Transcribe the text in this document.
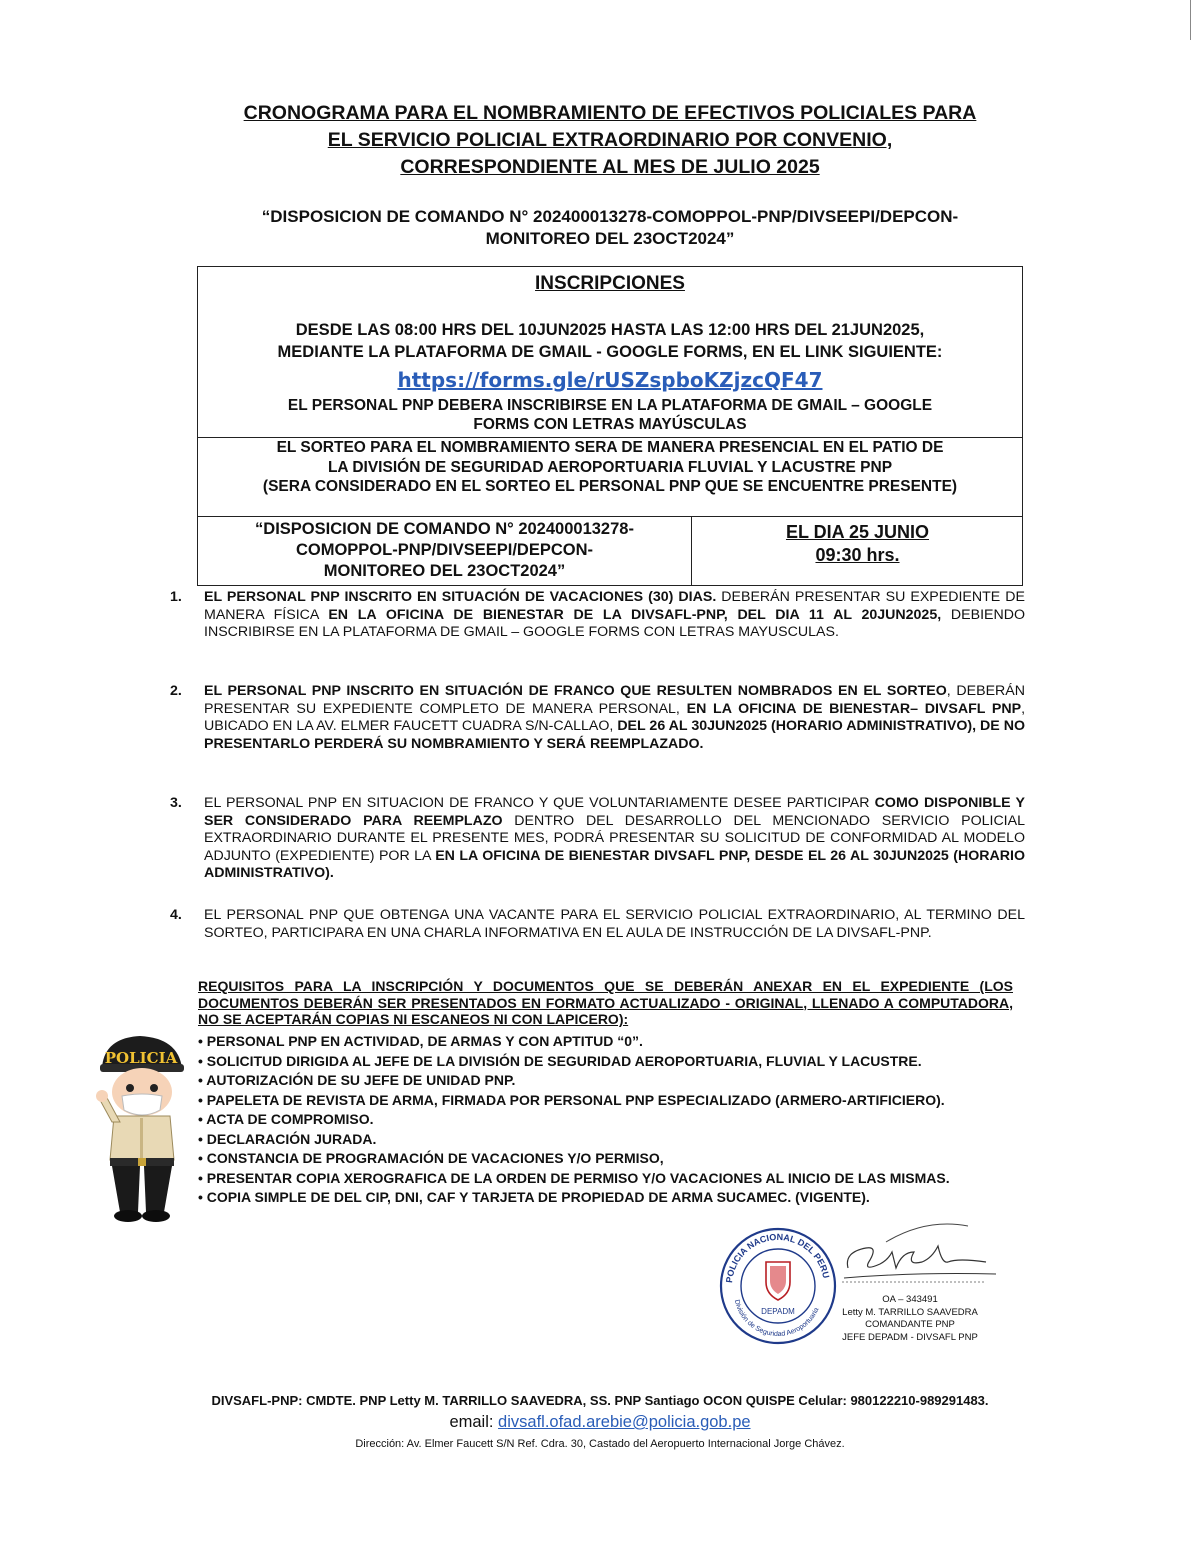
CRONOGRAMA PARA EL NOMBRAMIENTO DE EFECTIVOS POLICIALES PARA
EL SERVICIO POLICIAL EXTRAORDINARIO POR CONVENIO,
CORRESPONDIENTE AL MES DE JULIO 2025
“DISPOSICION DE COMANDO N° 202400013278-COMOPPOL-PNP/DIVSEEPI/DEPCON-
MONITOREO DEL 23OCT2024”
INSCRIPCIONES
DESDE LAS 08:00 HRS DEL 10JUN2025 HASTA LAS 12:00 HRS DEL 21JUN2025,
MEDIANTE LA PLATAFORMA DE GMAIL - GOOGLE FORMS, EN EL LINK SIGUIENTE:
https://forms.gle/rUSZspboKZjzcQF47
EL PERSONAL PNP DEBERA INSCRIBIRSE EN LA PLATAFORMA DE GMAIL – GOOGLE
FORMS CON LETRAS MAYÚSCULAS
EL SORTEO PARA EL NOMBRAMIENTO SERA DE MANERA PRESENCIAL EN EL PATIO DE
LA DIVISIÓN DE SEGURIDAD AEROPORTUARIA FLUVIAL Y LACUSTRE PNP
(SERA CONSIDERADO EN EL SORTEO EL PERSONAL PNP QUE SE ENCUENTRE PRESENTE)
“DISPOSICION DE COMANDO N° 202400013278-
COMOPPOL-PNP/DIVSEEPI/DEPCON-
MONITOREO DEL 23OCT2024”
EL DIA 25 JUNIO
09:30 hrs.
1. EL PERSONAL PNP INSCRITO EN SITUACIÓN DE VACACIONES (30) DIAS. DEBERÁN PRESENTAR SU EXPEDIENTE DE MANERA FÍSICA EN LA OFICINA DE BIENESTAR DE LA DIVSAFL-PNP, DEL DIA 11 AL 20JUN2025, DEBIENDO INSCRIBIRSE EN LA PLATAFORMA DE GMAIL – GOOGLE FORMS CON LETRAS MAYUSCULAS.
2. EL PERSONAL PNP INSCRITO EN SITUACIÓN DE FRANCO QUE RESULTEN NOMBRADOS EN EL SORTEO, DEBERÁN PRESENTAR SU EXPEDIENTE COMPLETO DE MANERA PERSONAL, EN LA OFICINA DE BIENESTAR– DIVSAFL PNP, UBICADO EN LA AV. ELMER FAUCETT CUADRA S/N-CALLAO, DEL 26 AL 30JUN2025 (HORARIO ADMINISTRATIVO), DE NO PRESENTARLO PERDERÁ SU NOMBRAMIENTO Y SERÁ REEMPLAZADO.
3. EL PERSONAL PNP EN SITUACION DE FRANCO Y QUE VOLUNTARIAMENTE DESEE PARTICIPAR COMO DISPONIBLE Y SER CONSIDERADO PARA REEMPLAZO DENTRO DEL DESARROLLO DEL MENCIONADO SERVICIO POLICIAL EXTRAORDINARIO DURANTE EL PRESENTE MES, PODRÁ PRESENTAR SU SOLICITUD DE CONFORMIDAD AL MODELO ADJUNTO (EXPEDIENTE) POR LA EN LA OFICINA DE BIENESTAR DIVSAFL PNP, DESDE EL 26 AL 30JUN2025 (HORARIO ADMINISTRATIVO).
4. EL PERSONAL PNP QUE OBTENGA UNA VACANTE PARA EL SERVICIO POLICIAL EXTRAORDINARIO, AL TERMINO DEL SORTEO, PARTICIPARA EN UNA CHARLA INFORMATIVA EN EL AULA DE INSTRUCCIÓN DE LA DIVSAFL-PNP.
REQUISITOS PARA LA INSCRIPCIÓN Y DOCUMENTOS QUE SE DEBERÁN ANEXAR EN EL EXPEDIENTE (LOS DOCUMENTOS DEBERÁN SER PRESENTADOS EN FORMATO ACTUALIZADO - ORIGINAL, LLENADO A COMPUTADORA, NO SE ACEPTARÁN COPIAS NI ESCANEOS NI CON LAPICERO):
• PERSONAL PNP EN ACTIVIDAD, DE ARMAS Y CON APTITUD “0”.
• SOLICITUD DIRIGIDA AL JEFE DE LA DIVISIÓN DE SEGURIDAD AEROPORTUARIA, FLUVIAL Y LACUSTRE.
• AUTORIZACIÓN DE SU JEFE DE UNIDAD PNP.
• PAPELETA DE REVISTA DE ARMA, FIRMADA POR PERSONAL PNP ESPECIALIZADO (ARMERO-ARTIFICIERO).
• ACTA DE COMPROMISO.
• DECLARACIÓN JURADA.
• CONSTANCIA DE PROGRAMACIÓN DE VACACIONES Y/O PERMISO,
• PRESENTAR COPIA XEROGRAFICA DE LA ORDEN DE PERMISO Y/O VACACIONES AL INICIO DE LAS MISMAS.
• COPIA SIMPLE DE DEL CIP, DNI, CAF Y TARJETA DE PROPIEDAD DE ARMA SUCAMEC. (VIGENTE).
POLICIA
POLICIA NACIONAL DEL PERU
División de Seguridad Aeroportuaria
DEPADM
OA – 343491
Letty M. TARRILLO SAAVEDRA
COMANDANTE PNP
JEFE DEPADM - DIVSAFL PNP
DIVSAFL-PNP: CMDTE. PNP Letty M. TARRILLO SAAVEDRA, SS. PNP Santiago OCON QUISPE Celular: 980122210-989291483.
email: divsafl.ofad.arebie@policia.gob.pe
Dirección: Av. Elmer Faucett S/N Ref. Cdra. 30, Castado del Aeropuerto Internacional Jorge Chávez.
